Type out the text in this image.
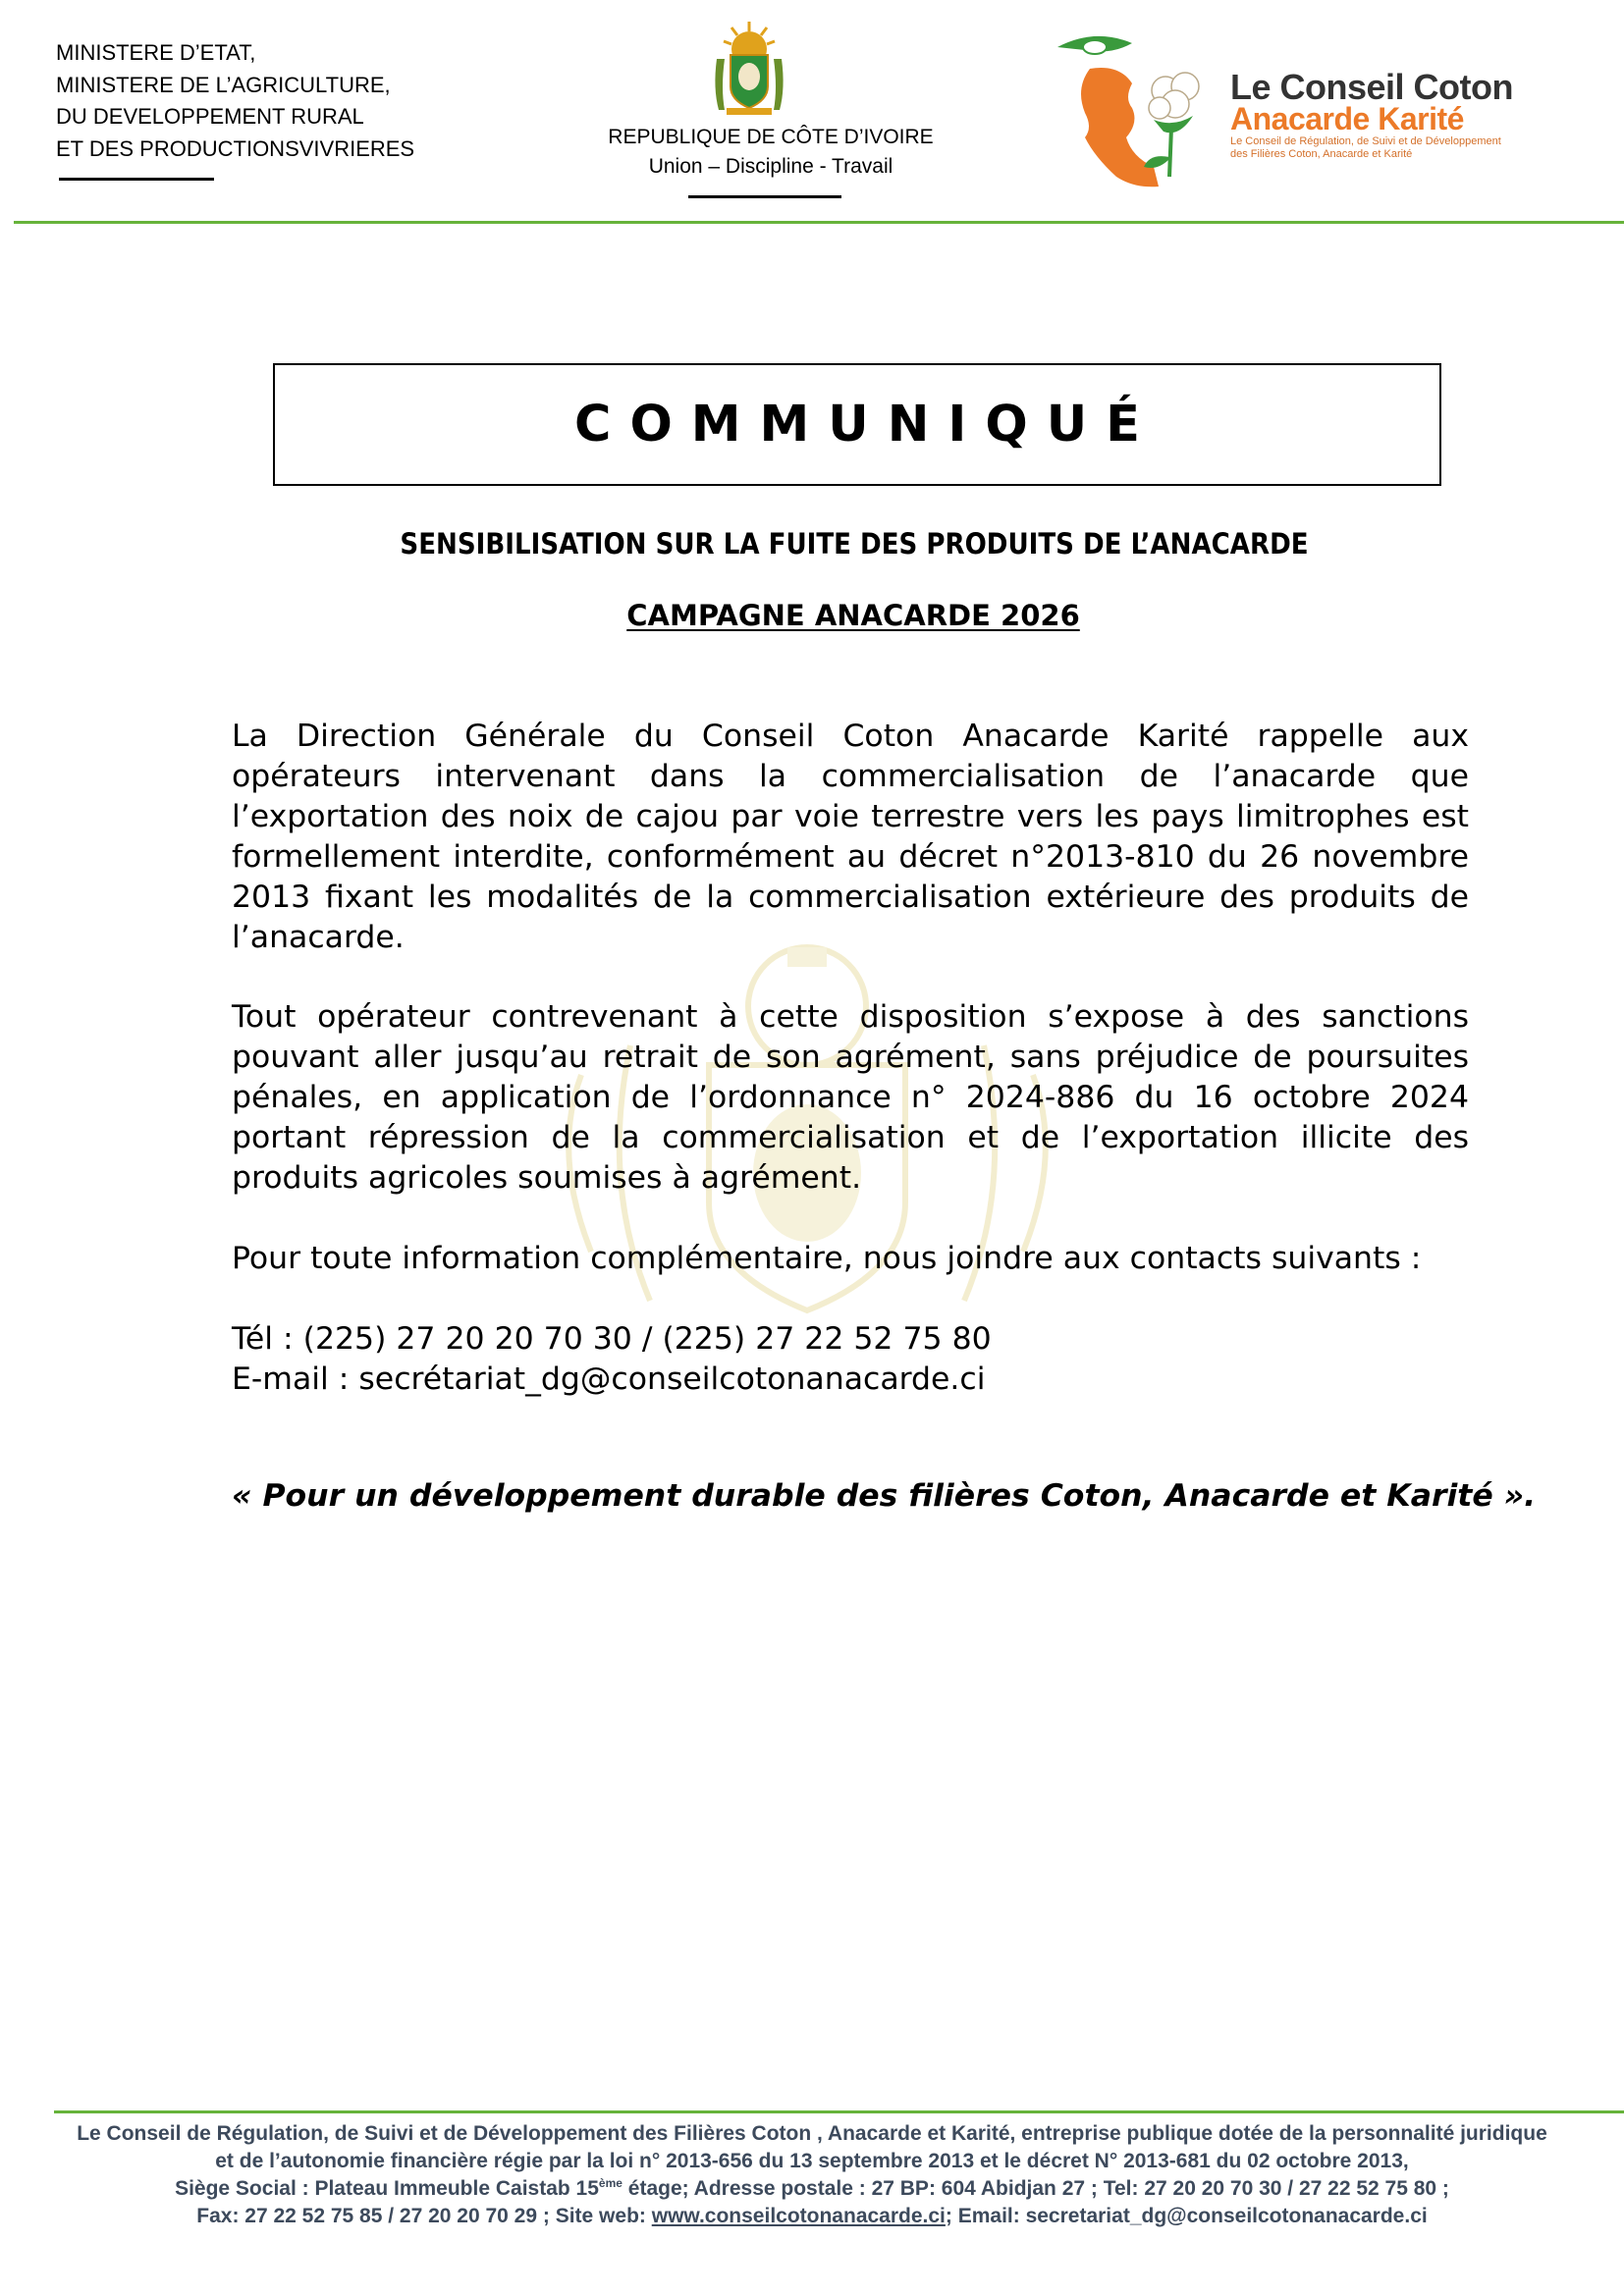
MINISTERE D’ETAT,
MINISTERE DE L’AGRICULTURE,
DU DEVELOPPEMENT RURAL
ET DES PRODUCTIONSVIVRIERES	REPUBLIQUE DE CÔTE D’IVOIRE
Union – Discipline - Travail
Le Conseil Coton
Anacarde Karité
Le Conseil de Régulation, de Suivi et de Développement des Filières Coton, Anacarde et Karité
COMMUNIQUÉ
SENSIBILISATION SUR LA FUITE DES PRODUITS DE L’ANACARDE
CAMPAGNE ANACARDE 2026
La Direction Générale du Conseil Coton Anacarde Karité rappelle aux opérateurs intervenant dans la commercialisation de l’anacarde que l’exportation des noix de cajou par voie terrestre vers les pays limitrophes est formellement interdite, conformément au décret n°2013-810 du 26 novembre 2013 fixant les modalités de la commercialisation extérieure des produits de l’anacarde.
Tout opérateur contrevenant à cette disposition s’expose à des sanctions pouvant aller jusqu’au retrait de son agrément, sans préjudice de poursuites pénales, en application de l’ordonnance n° 2024-886 du 16 octobre 2024 portant répression de la commercialisation et de l’exportation illicite des produits agricoles soumises à agrément.
Pour toute information complémentaire, nous joindre aux contacts suivants :
Tél : (225) 27 20 20 70 30 / (225) 27 22 52 75 80
E-mail : secrétariat_dg@conseilcotonanacarde.ci
« Pour un développement durable des filières Coton, Anacarde et Karité ».
Le Conseil de Régulation, de Suivi et de Développement des Filières Coton , Anacarde et Karité, entreprise publique dotée de la personnalité juridique
et de l’autonomie financière régie par la loi n° 2013-656 du 13 septembre 2013 et le décret N° 2013-681 du 02 octobre 2013,
Siège Social : Plateau Immeuble Caistab 15ème étage; Adresse postale : 27 BP: 604 Abidjan 27 ; Tel: 27 20 20 70 30 / 27 22 52 75 80 ;
Fax: 27 22 52 75 85 / 27 20 20 70 29 ; Site web: www.conseilcotonanacarde.ci; Email: secretariat_dg@conseilcotonanacarde.ci
